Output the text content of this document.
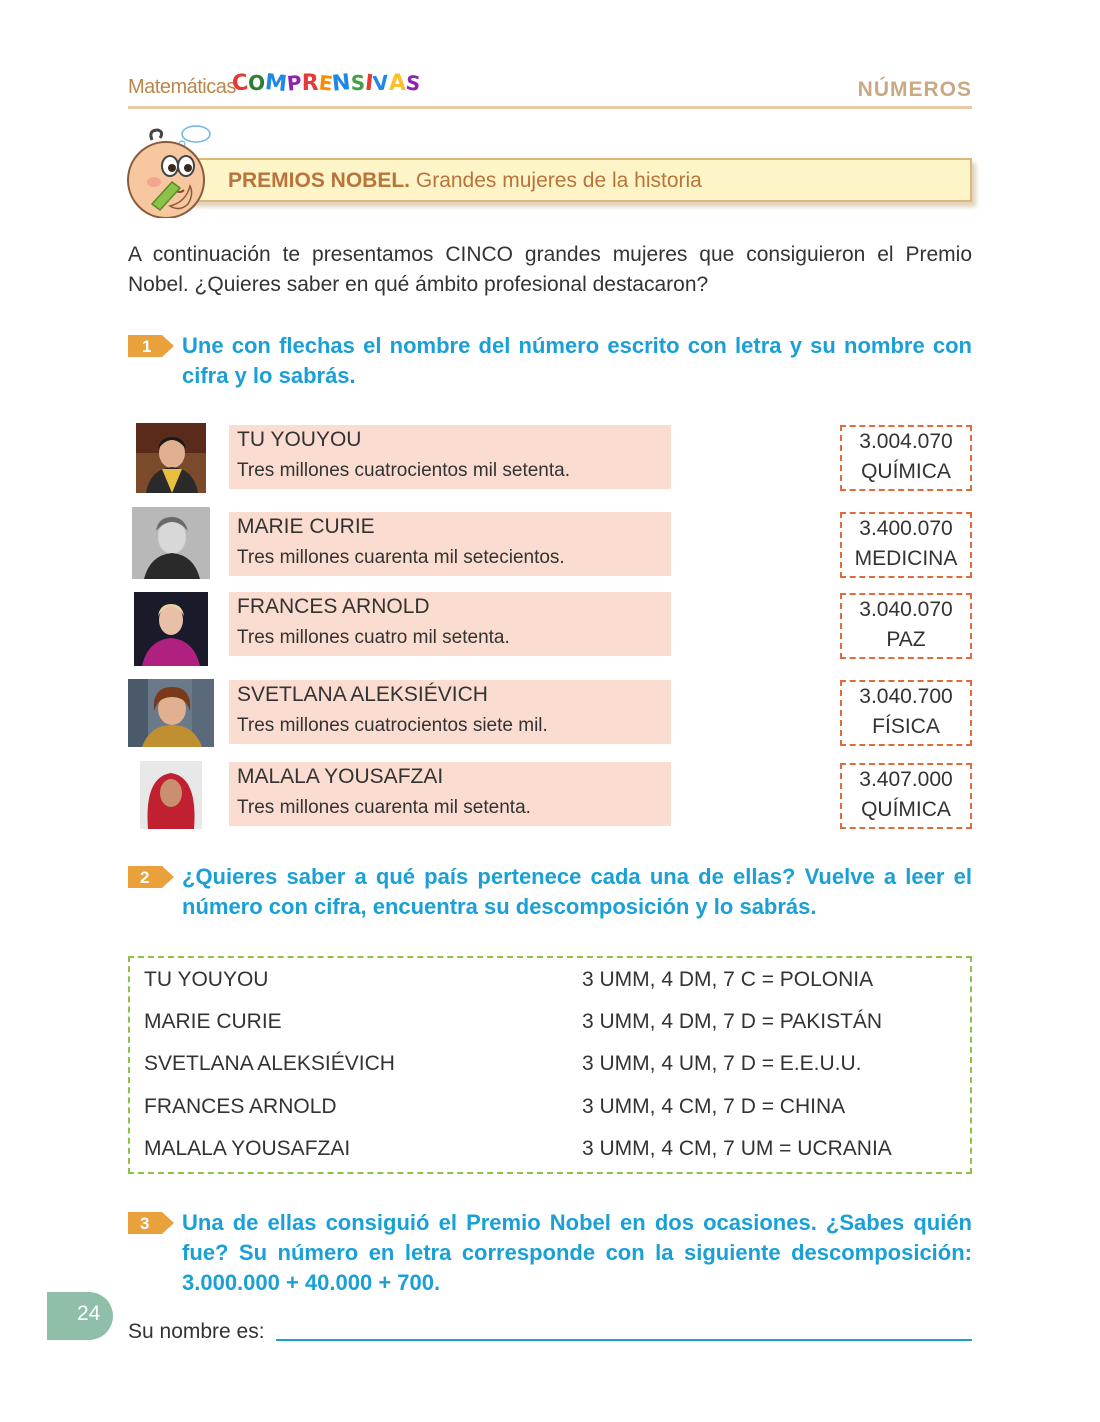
Matemáticas
COMPRENSIVAS	NÚMEROS
PREMIOS NOBEL. Grandes mujeres de la historia

A continuación te presentamos CINCO grandes mujeres que consiguieron el Premio Nobel. ¿Quieres saber en qué ámbito profesional destacaron?

1 Une con flechas el nombre del número escrito con letra y su nombre con cifra y lo sabrás.

TU YOUYOU
Tres millones cuatrocientos mil setenta.
MARIE CURIE
Tres millones cuarenta mil setecientos.
FRANCES ARNOLD
Tres millones cuatro mil setenta.
SVETLANA ALEKSIÉVICH
Tres millones cuatrocientos siete mil.
MALALA YOUSAFZAI
Tres millones cuarenta mil setenta.
3.004.070
QUÍMICA
3.400.070
MEDICINA
3.040.070
PAZ
3.040.700
FÍSICA
3.407.000
QUÍMICA
2 ¿Quieres saber a qué país pertenece cada una de ellas? Vuelve a leer el número con cifra, encuentra su descomposición y lo sabrás.

TU YOUYOU
MARIE CURIE
SVETLANA ALEKSIÉVICH
FRANCES ARNOLD
MALALA YOUSAFZAI
3 UMM, 4 DM, 7 C = POLONIA
3 UMM, 4 DM, 7 D = PAKISTÁN
3 UMM, 4 UM, 7 D = E.E.U.U.
3 UMM, 4 CM, 7 D = CHINA
3 UMM, 4 CM, 7 UM = UCRANIA
3 Una de ellas consiguió el Premio Nobel en dos ocasiones. ¿Sabes quién fue? Su número en letra corresponde con la siguiente descomposición: 3.000.000 + 40.000 + 700.

24
Su nombre es:
